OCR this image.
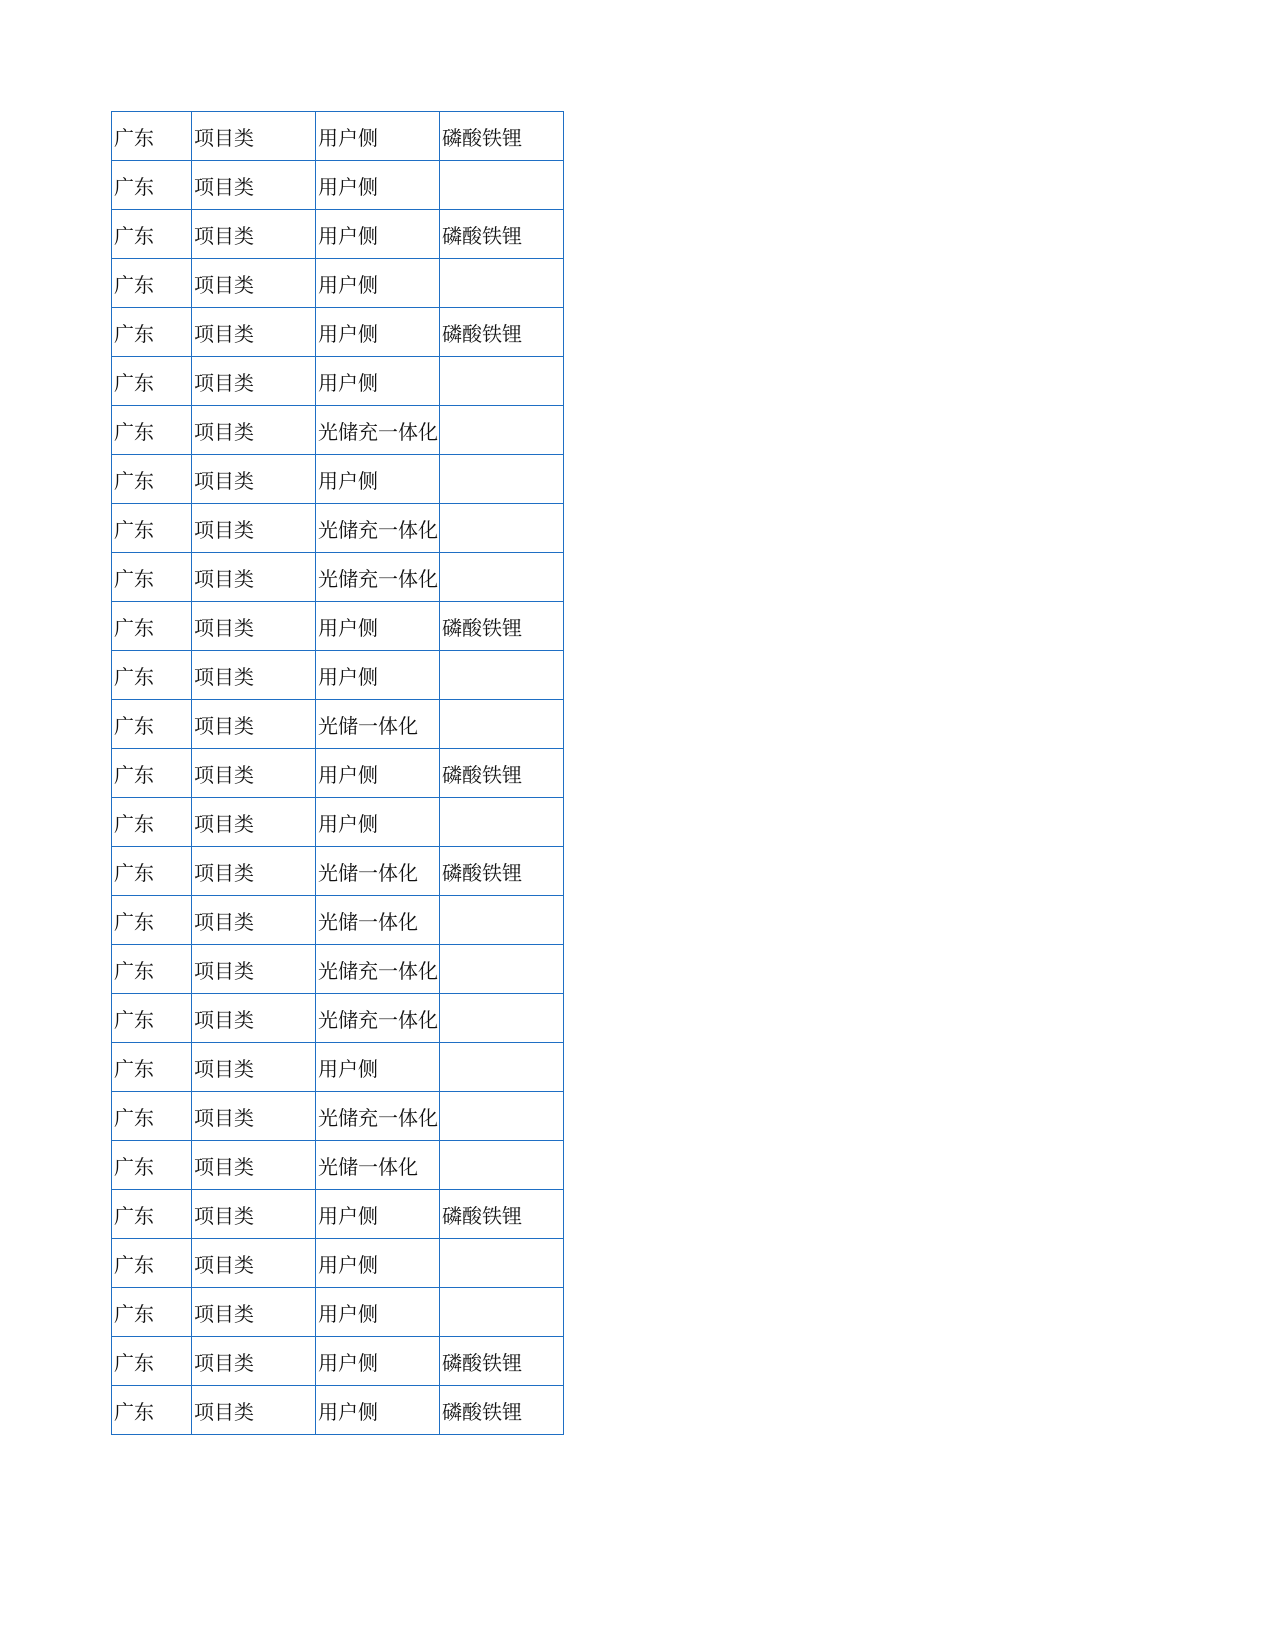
广东	项目类	用户侧	磷酸铁锂
广东	项目类	用户侧	
广东	项目类	用户侧	磷酸铁锂
广东	项目类	用户侧	
广东	项目类	用户侧	磷酸铁锂
广东	项目类	用户侧	
广东	项目类	光储充一体化	
广东	项目类	用户侧	
广东	项目类	光储充一体化	
广东	项目类	光储充一体化	
广东	项目类	用户侧	磷酸铁锂
广东	项目类	用户侧	
广东	项目类	光储一体化	
广东	项目类	用户侧	磷酸铁锂
广东	项目类	用户侧	
广东	项目类	光储一体化	磷酸铁锂
广东	项目类	光储一体化	
广东	项目类	光储充一体化	
广东	项目类	光储充一体化	
广东	项目类	用户侧	
广东	项目类	光储充一体化	
广东	项目类	光储一体化	
广东	项目类	用户侧	磷酸铁锂
广东	项目类	用户侧	
广东	项目类	用户侧	
广东	项目类	用户侧	磷酸铁锂
广东	项目类	用户侧	磷酸铁锂
